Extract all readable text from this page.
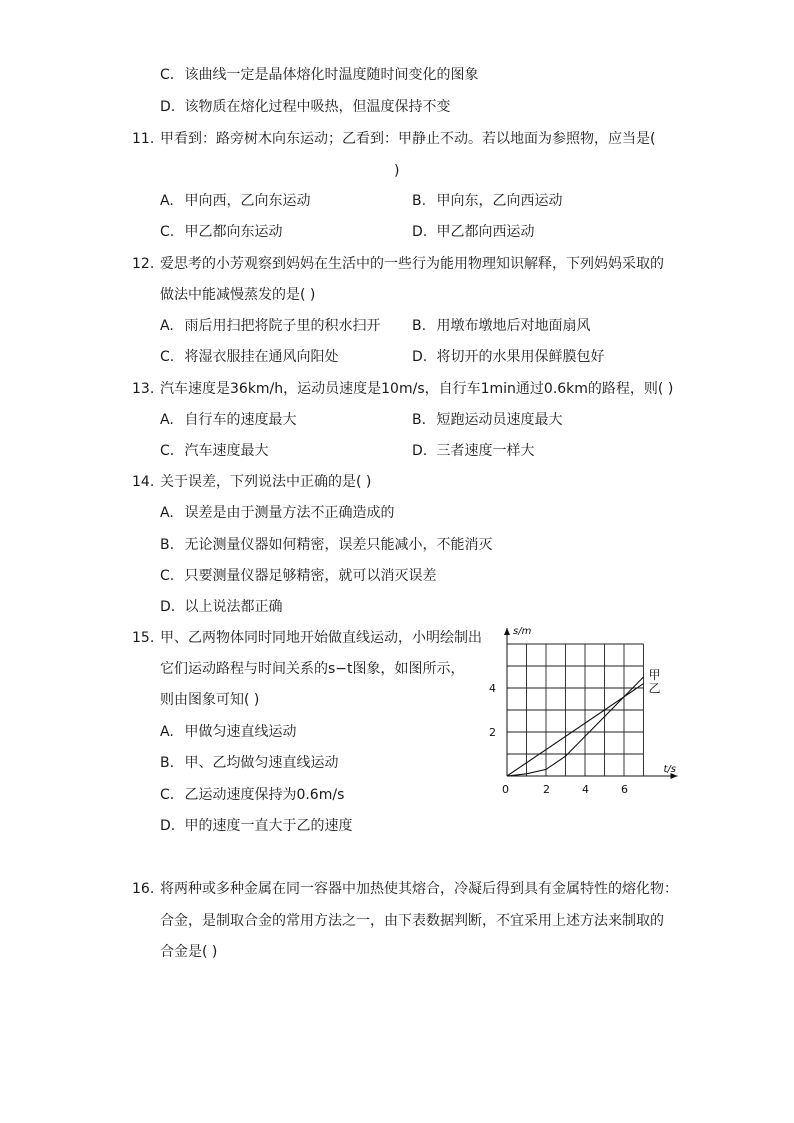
C. 该曲线一定是晶体熔化时温度随时间变化的图象
D. 该物质在熔化过程中吸热，但温度保持不变
11. 甲看到：路旁树木向东运动；乙看到：甲静止不动。若以地面为参照物，应当是(
)
A. 甲向西，乙向东运动	B. 甲向东，乙向西运动
C. 甲乙都向东运动	D. 甲乙都向西运动
12. 爱思考的小芳观察到妈妈在生活中的一些行为能用物理知识解释，下列妈妈采取的
做法中能减慢蒸发的是( )
A. 雨后用扫把将院子里的积水扫开 B. 用墩布墩地后对地面扇风
C. 将湿衣服挂在通风向阳处	D. 将切开的水果用保鲜膜包好
13. 汽车速度是36km/h，运动员速度是10m/s，自行车1min通过0.6km的路程，则( )
A. 自行车的速度最大	B. 短跑运动员速度最大
C. 汽车速度最大	D. 三者速度一样大
14. 关于误差，下列说法中正确的是( )
A. 误差是由于测量方法不正确造成的
B. 无论测量仪器如何精密，误差只能减小，不能消灭
C. 只要测量仪器足够精密，就可以消灭误差
D. 以上说法都正确
15. 甲、乙两物体同时同地开始做直线运动，小明绘制出
它们运动路程与时间关系的s−t图象，如图所示，
则由图象可知( )
A. 甲做匀速直线运动
B. 甲、乙均做匀速直线运动
C. 乙运动速度保持为0.6m/s
D. 甲的速度一直大于乙的速度
s/m
t/s
0	2	4	6
2
4
甲
乙
16. 将两种或多种金属在同一容器中加热使其熔合，冷凝后得到具有金属特性的熔化物：
合金，是制取合金的常用方法之一，由下表数据判断，不宜采用上述方法来制取的
合金是( )
